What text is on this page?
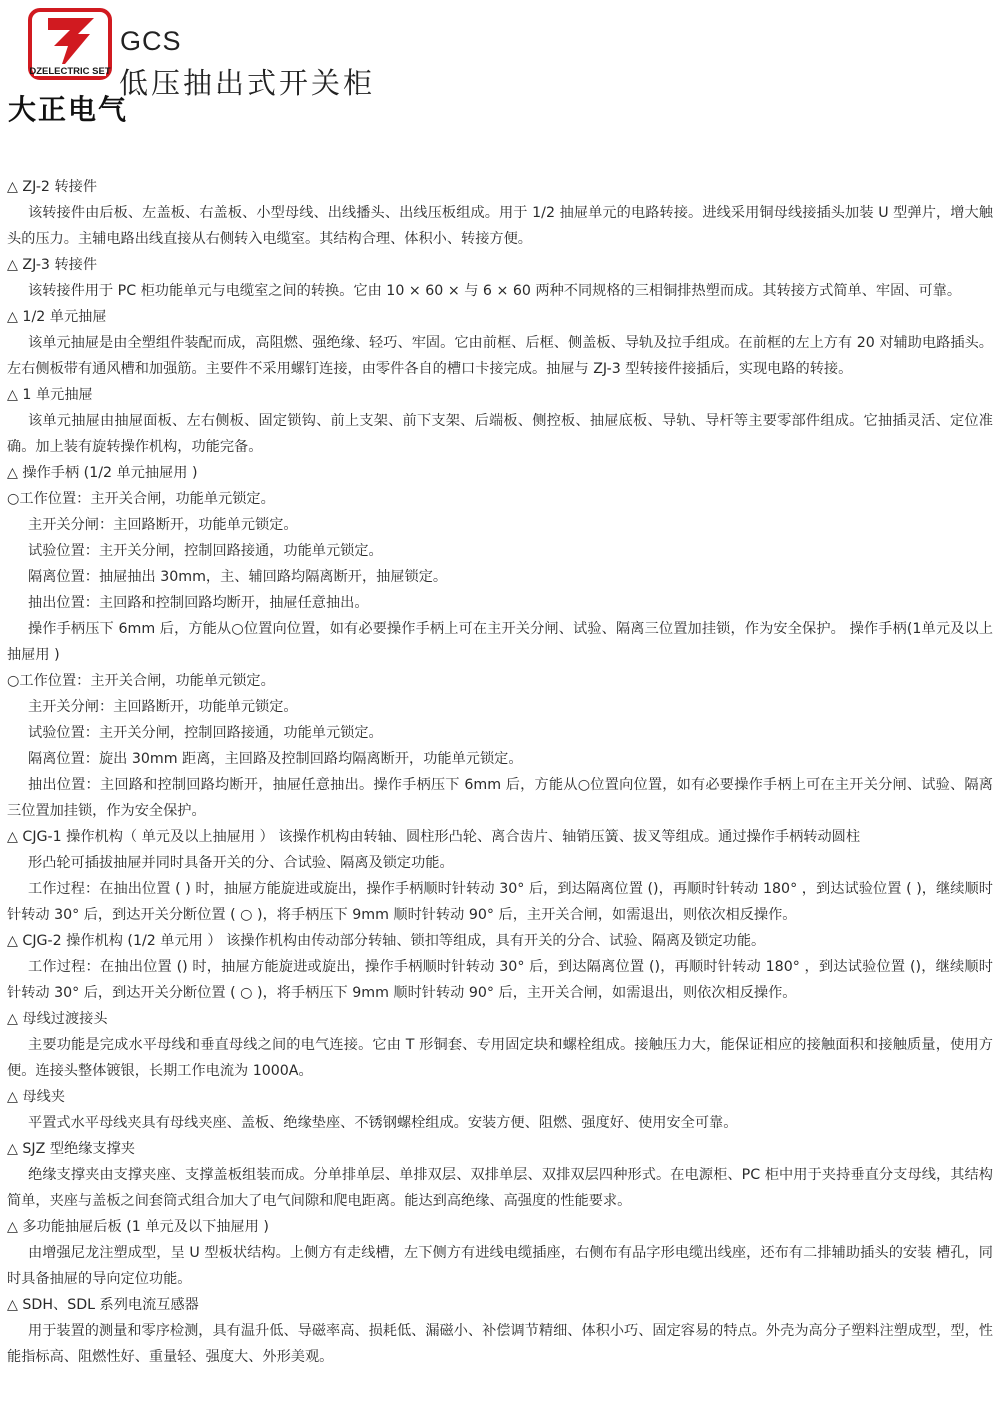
DZELECTRIC SET
大正电气
GCS
低压抽出式开关柜

△ ZJ-2 转接件

该转接件由后板、左盖板、右盖板、小型母线、出线播头、出线压板组成。用于 1/2 抽屉单元的电路转接。进线采用铜母线接插头加装 U 型弹片，增大触头的压力。主辅电路出线直接从右侧转入电缆室。其结构合理、体积小、转接方便。

△ ZJ-3 转接件

该转接件用于 PC 柜功能单元与电缆室之间的转换。它由 10 × 60 × 与 6 × 60 两种不同规格的三相铜排热塑而成。其转接方式简单、牢固、可靠。

△ 1/2 单元抽屉

该单元抽屉是由全塑组件装配而成，高阻燃、强绝缘、轻巧、牢固。它由前框、后框、侧盖板、导轨及拉手组成。在前框的左上方有 20 对辅助电路插头。左右侧板带有通风槽和加强筋。主要件不采用螺钉连接，由零件各自的槽口卡接完成。抽屉与 ZJ-3 型转接件接插后，实现电路的转接。

△ 1 单元抽屉

该单元抽屉由抽屉面板、左右侧板、固定锁钩、前上支架、前下支架、后端板、侧控板、抽屉底板、导轨、导杆等主要零部件组成。它抽插灵活、定位准确。加上装有旋转操作机构，功能完备。

△ 操作手柄 (1/2 单元抽屉用 )

○工作位置：主开关合闸，功能单元锁定。

主开关分闸：主回路断开，功能单元锁定。

试验位置：主开关分闸，控制回路接通，功能单元锁定。

隔离位置：抽屉抽出 30mm，主、辅回路均隔离断开，抽屉锁定。

抽出位置：主回路和控制回路均断开，抽屉任意抽出。

操作手柄压下 6mm 后，方能从○位置向位置，如有必要操作手柄上可在主开关分闸、试验、隔离三位置加挂锁，作为安全保护。 操作手柄(1单元及以上抽屉用 )

○工作位置：主开关合闸，功能单元锁定。

主开关分闸：主回路断开，功能单元锁定。

试验位置：主开关分闸，控制回路接通，功能单元锁定。

隔离位置：旋出 30mm 距离，主回路及控制回路均隔离断开，功能单元锁定。

抽出位置：主回路和控制回路均断开，抽屉任意抽出。操作手柄压下 6mm 后，方能从○位置向位置，如有必要操作手柄上可在主开关分闸、试验、隔离三位置加挂锁，作为安全保护。

△ CJG-1 操作机构（ 单元及以上抽屉用 ） 该操作机构由转轴、圆柱形凸轮、离合齿片、轴销压簧、拔叉等组成。通过操作手柄转动圆柱

形凸轮可插拔抽屉并同时具备开关的分、合试验、隔离及锁定功能。

工作过程：在抽出位置 ( ) 时，抽屉方能旋进或旋出，操作手柄顺时针转动 30° 后，到达隔离位置 ()，再顺时针转动 180° ，到达试验位置 ( )，继续顺时针转动 30° 后，到达开关分断位置 ( ○ )，将手柄压下 9mm 顺时针转动 90° 后，主开关合闸，如需退出，则依次相反操作。

△ CJG-2 操作机构 (1/2 单元用 ） 该操作机构由传动部分转轴、锁扣等组成，具有开关的分合、试验、隔离及锁定功能。

工作过程：在抽出位置 () 时，抽屉方能旋进或旋出，操作手柄顺时针转动 30° 后，到达隔离位置 ()，再顺时针转动 180° ，到达试验位置 ()，继续顺时针转动 30° 后，到达开关分断位置 ( ○ )，将手柄压下 9mm 顺时针转动 90° 后，主开关合闸，如需退出，则依次相反操作。

△ 母线过渡接头

主要功能是完成水平母线和垂直母线之间的电气连接。它由 T 形铜套、专用固定块和螺栓组成。接触压力大，能保证相应的接触面积和接触质量，使用方便。连接头整体镀银，长期工作电流为 1000A。

△ 母线夹

平置式水平母线夹具有母线夹座、盖板、绝缘垫座、不锈钢螺栓组成。安装方便、阻燃、强度好、使用安全可靠。

△ SJZ 型绝缘支撑夹

绝缘支撑夹由支撑夹座、支撑盖板组装而成。分单排单层、单排双层、双排单层、双排双层四种形式。在电源柜、PC 柜中用于夹持垂直分支母线，其结构简单，夹座与盖板之间套筒式组合加大了电气间隙和爬电距离。能达到高绝缘、高强度的性能要求。

△ 多功能抽屉后板 (1 单元及以下抽屉用 )

由增强尼龙注塑成型，呈 U 型板状结构。上侧方有走线槽，左下侧方有进线电缆插座，右侧布有品字形电缆出线座，还布有二排辅助插头的安装 槽孔，同时具备抽屉的导向定位功能。

△ SDH、SDL 系列电流互感器

用于装置的测量和零序检测，具有温升低、导磁率高、损耗低、漏磁小、补偿调节精细、体积小巧、固定容易的特点。外壳为高分子塑料注塑成型，型，性能指标高、阻燃性好、重量轻、强度大、外形美观。
